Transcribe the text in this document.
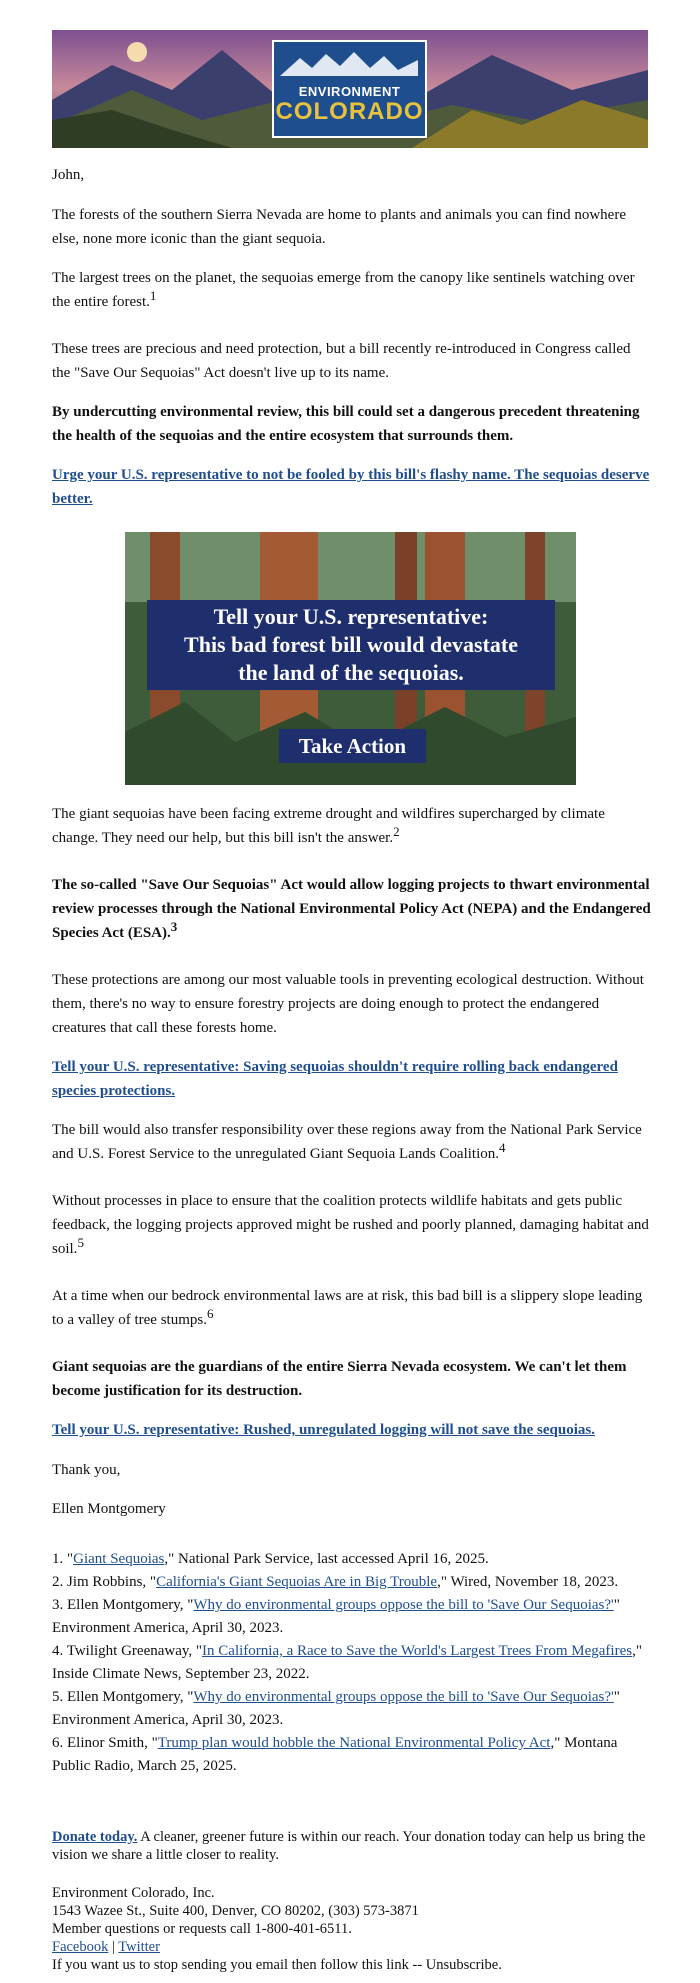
ENVIRONMENT
COLORADO

John,

The forests of the southern Sierra Nevada are home to plants and animals you can find nowhere else, none more iconic than the giant sequoia.

The largest trees on the planet, the sequoias emerge from the canopy like sentinels watching over the entire forest.$^1$

These trees are precious and need protection, but a bill recently re-introduced in Congress called the "Save Our Sequoias" Act doesn't live up to its name.

By undercutting environmental review, this bill could set a dangerous precedent threatening the health of the sequoias and the entire ecosystem that surrounds them.

Urge your U.S. representative to not be fooled by this bill's flashy name. The sequoias deserve better.

Tell your U.S. representative:
This bad forest bill would devastate
the land of the sequoias.
Take Action

The giant sequoias have been facing extreme drought and wildfires supercharged by climate change. They need our help, but this bill isn't the answer.$^2$

The so-called "Save Our Sequoias" Act would allow logging projects to thwart environmental review processes through the National Environmental Policy Act (NEPA) and the Endangered Species Act (ESA).$^3$

These protections are among our most valuable tools in preventing ecological destruction. Without them, there's no way to ensure forestry projects are doing enough to protect the endangered creatures that call these forests home.

Tell your U.S. representative: Saving sequoias shouldn't require rolling back endangered species protections.

The bill would also transfer responsibility over these regions away from the National Park Service and U.S. Forest Service to the unregulated Giant Sequoia Lands Coalition.$^4$

Without processes in place to ensure that the coalition protects wildlife habitats and gets public feedback, the logging projects approved might be rushed and poorly planned, damaging habitat and soil.$^5$

At a time when our bedrock environmental laws are at risk, this bad bill is a slippery slope leading to a valley of tree stumps.$^6$

Giant sequoias are the guardians of the entire Sierra Nevada ecosystem. We can't let them become justification for its destruction.

Tell your U.S. representative: Rushed, unregulated logging will not save the sequoias.

Thank you,

Ellen Montgomery

1. "Giant Sequoias," National Park Service, last accessed April 16, 2025.
2. Jim Robbins, "California's Giant Sequoias Are in Big Trouble," Wired, November 18, 2023.
3. Ellen Montgomery, "Why do environmental groups oppose the bill to 'Save Our Sequoias?'" Environment America, April 30, 2023.
4. Twilight Greenaway, "In California, a Race to Save the World's Largest Trees From Megafires," Inside Climate News, September 23, 2022.
5. Ellen Montgomery, "Why do environmental groups oppose the bill to 'Save Our Sequoias?'" Environment America, April 30, 2023.
6. Elinor Smith, "Trump plan would hobble the National Environmental Policy Act," Montana Public Radio, March 25, 2025.

Donate today. A cleaner, greener future is within our reach. Your donation today can help us bring the vision we share a little closer to reality.

Environment Colorado, Inc.
1543 Wazee St., Suite 400, Denver, CO 80202, (303) 573-3871
Member questions or requests call 1-800-401-6511.
Facebook | Twitter
If you want us to stop sending you email then follow this link -- Unsubscribe.
